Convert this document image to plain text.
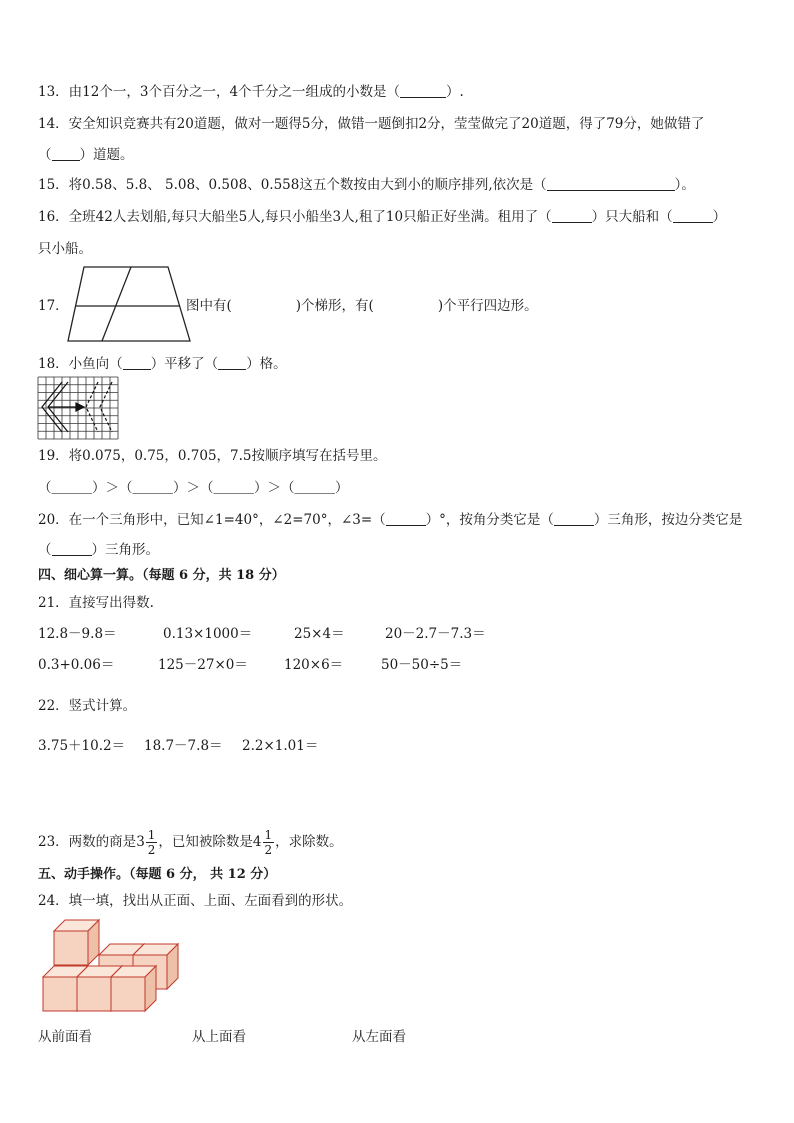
13．由12个一，3个百分之一，4个千分之一组成的小数是（	）.
14．安全知识竞赛共有20道题，做对一题得5分，做错一题倒扣2分，莹莹做完了20道题，得了79分，她做错了
（ ）道题。
15．将0.58、5.8、 5.08、0.508、0.558这五个数按由大到小的顺序排列,依次是（	）。
16．全班42人去划船,每只大船坐5人,每只小船坐3人,租了10只船正好坐满。租用了（	）只大船和（	）
只小船。
17．	图中有(	)个梯形，有(	)个平行四边形。
18．小鱼向（ ）平移了（ ）格。
19．将0.075，0.75，0.705，7.5按顺序填写在括号里。
（＿＿＿）＞（＿＿＿）＞（＿＿＿）＞（＿＿＿）
20．在一个三角形中，已知∠1=40°，∠2=70°，∠3=（	）°，按角分类它是（	）三角形，按边分类它是
（	）三角形。
四、细心算一算。（每题 6 分，共 18 分）
21．直接写出得数.
12.8－9.8＝	0.13×1000＝	25×4＝	20－2.7－7.3＝
0.3+0.06＝	125－27×0＝	120×6＝	50－50÷5＝
22．竖式计算。
3.75＋10.2＝ 18.7－7.8＝ 2.2×1.01＝
23．两数的商是$3 \frac{1}{2}$ ，已知被除数是$4 \frac{1}{2}$ ，求除数。
五、动手操作。（每题 6 分， 共 12 分）
24．填一填，找出从正面、上面、左面看到的形状。
从前面看	从上面看	从左面看
